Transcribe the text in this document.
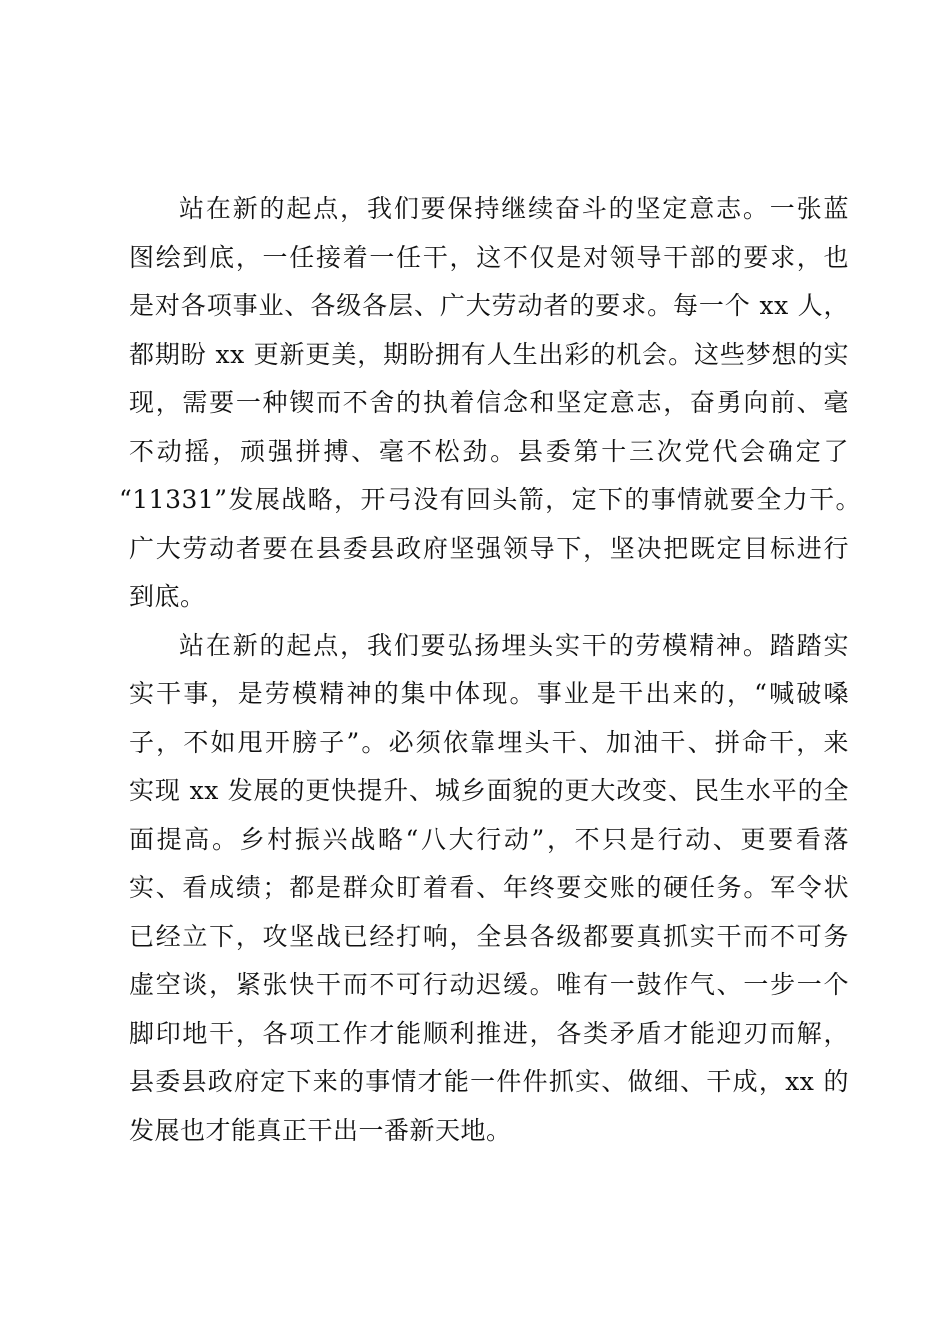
站在新的起点，我们要保持继续奋斗的坚定意志。一张蓝
图绘到底，一任接着一任干，这不仅是对领导干部的要求，也
是对各项事业、各级各层、广大劳动者的要求。每一个 xx 人，
都期盼 xx 更新更美，期盼拥有人生出彩的机会。这些梦想的实
现，需要一种锲而不舍的执着信念和坚定意志，奋勇向前、毫
不动摇，顽强拼搏、毫不松劲。县委第十三次党代会确定了
“11331”发展战略，开弓没有回头箭，定下的事情就要全力干。
广大劳动者要在县委县政府坚强领导下，坚决把既定目标进行
到底。
站在新的起点，我们要弘扬埋头实干的劳模精神。踏踏实
实干事，是劳模精神的集中体现。事业是干出来的，“喊破嗓
子，不如甩开膀子”。必须依靠埋头干、加油干、拼命干，来
实现 xx 发展的更快提升、城乡面貌的更大改变、民生水平的全
面提高。乡村振兴战略“八大行动”，不只是行动、更要看落
实、看成绩；都是群众盯着看、年终要交账的硬任务。军令状
已经立下，攻坚战已经打响，全县各级都要真抓实干而不可务
虚空谈，紧张快干而不可行动迟缓。唯有一鼓作气、一步一个
脚印地干，各项工作才能顺利推进，各类矛盾才能迎刃而解，
县委县政府定下来的事情才能一件件抓实、做细、干成，xx 的
发展也才能真正干出一番新天地。
